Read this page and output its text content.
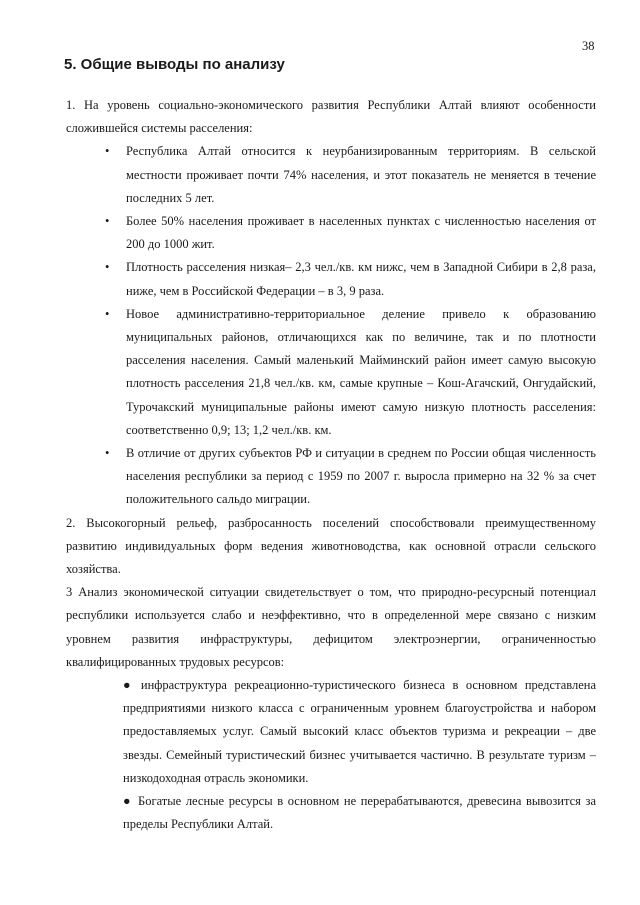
38
5. Общие выводы по анализу

1. На уровень социально-экономического развития Республики Алтай влияют особенности сложившейся системы расселения:

• Республика Алтай относится к неурбанизированным территориям. В сельской местности проживает почти 74% населения, и этот показатель не меняется в течение последних 5 лет.
• Более 50% населения проживает в населенных пунктах с численностью населения от 200 до 1000 жит.
• Плотность расселения низкая– 2,3 чел./кв. км нижс, чем в Западной Сибири в 2,8 раза, ниже, чем в Российской Федерации – в 3, 9 раза.
• Новое административно-территориальное деление привело к образованию муниципальных районов, отличающихся как по величине, так и по плотности расселения населения. Самый маленький Майминский район имеет самую высокую плотность расселения 21,8 чел./кв. км, самые крупные – Кош-Агачский, Онгудайский, Турочакский муниципальные районы имеют самую низкую плотность расселения: соответственно 0,9; 13; 1,2 чел./кв. км.
• В отличие от других субъектов РФ и ситуации в среднем по России общая численность населения республики за период с 1959 по 2007 г. выросла примерно на 32 % за счет положительного сальдо миграции.

2. Высокогорный рельеф, разбросанность поселений способствовали преимущественному развитию индивидуальных форм ведения животноводства, как основной отрасли сельского хозяйства.

3 Анализ экономической ситуации свидетельствует о том, что природно-ресурсный потенциал республики используется слабо и неэффективно, что в определенной мере связано с низким уровнем развития инфраструктуры, дефицитом электроэнергии, ограниченностью квалифицированных трудовых ресурсов:

● инфраструктура рекреационно-туристического бизнеса в основном представлена предприятиями низкого класса с ограниченным уровнем благоустройства и набором предоставляемых услуг. Самый высокий класс объектов туризма и рекреации – две звезды. Семейный туристический бизнес учитывается частично. В результате туризм – низкодоходная отрасль экономики.
● Богатые лесные ресурсы в основном не перерабатываются, древесина вывозится за пределы Республики Алтай.
